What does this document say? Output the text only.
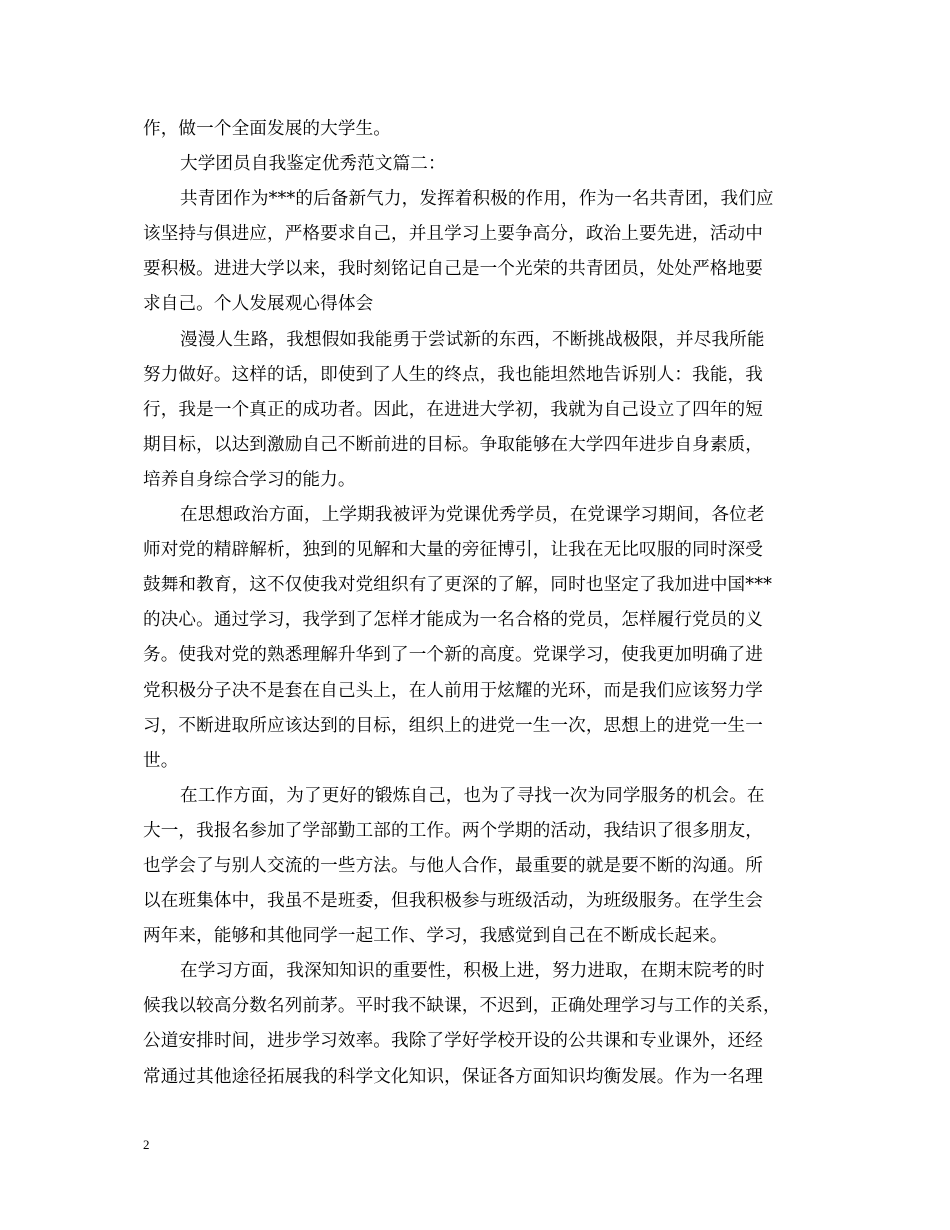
作，做一个全面发展的大学生。
大学团员自我鉴定优秀范文篇二：
共青团作为***的后备新气力，发挥着积极的作用，作为一名共青团，我们应
该坚持与俱进应，严格要求自己，并且学习上要争高分，政治上要先进，活动中
要积极。进进大学以来，我时刻铭记自己是一个光荣的共青团员，处处严格地要
求自己。个人发展观心得体会
漫漫人生路，我想假如我能勇于尝试新的东西，不断挑战极限，并尽我所能
努力做好。这样的话，即使到了人生的终点，我也能坦然地告诉别人：我能，我
行，我是一个真正的成功者。因此，在进进大学初，我就为自己设立了四年的短
期目标，以达到激励自己不断前进的目标。争取能够在大学四年进步自身素质，
培养自身综合学习的能力。
在思想政治方面，上学期我被评为党课优秀学员，在党课学习期间，各位老
师对党的精辟解析，独到的见解和大量的旁征博引，让我在无比叹服的同时深受
鼓舞和教育，这不仅使我对党组织有了更深的了解，同时也坚定了我加进中国***
的决心。通过学习，我学到了怎样才能成为一名合格的党员，怎样履行党员的义
务。使我对党的熟悉理解升华到了一个新的高度。党课学习，使我更加明确了进
党积极分子决不是套在自己头上，在人前用于炫耀的光环，而是我们应该努力学
习，不断进取所应该达到的目标，组织上的进党一生一次，思想上的进党一生一
世。
在工作方面，为了更好的锻炼自己，也为了寻找一次为同学服务的机会。在
大一，我报名参加了学部勤工部的工作。两个学期的活动，我结识了很多朋友，
也学会了与别人交流的一些方法。与他人合作，最重要的就是要不断的沟通。所
以在班集体中，我虽不是班委，但我积极参与班级活动，为班级服务。在学生会
两年来，能够和其他同学一起工作、学习，我感觉到自己在不断成长起来。
在学习方面，我深知知识的重要性，积极上进，努力进取，在期末院考的时
候我以较高分数名列前茅。平时我不缺课，不迟到，正确处理学习与工作的关系，
公道安排时间，进步学习效率。我除了学好学校开设的公共课和专业课外，还经
常通过其他途径拓展我的科学文化知识，保证各方面知识均衡发展。作为一名理
2
